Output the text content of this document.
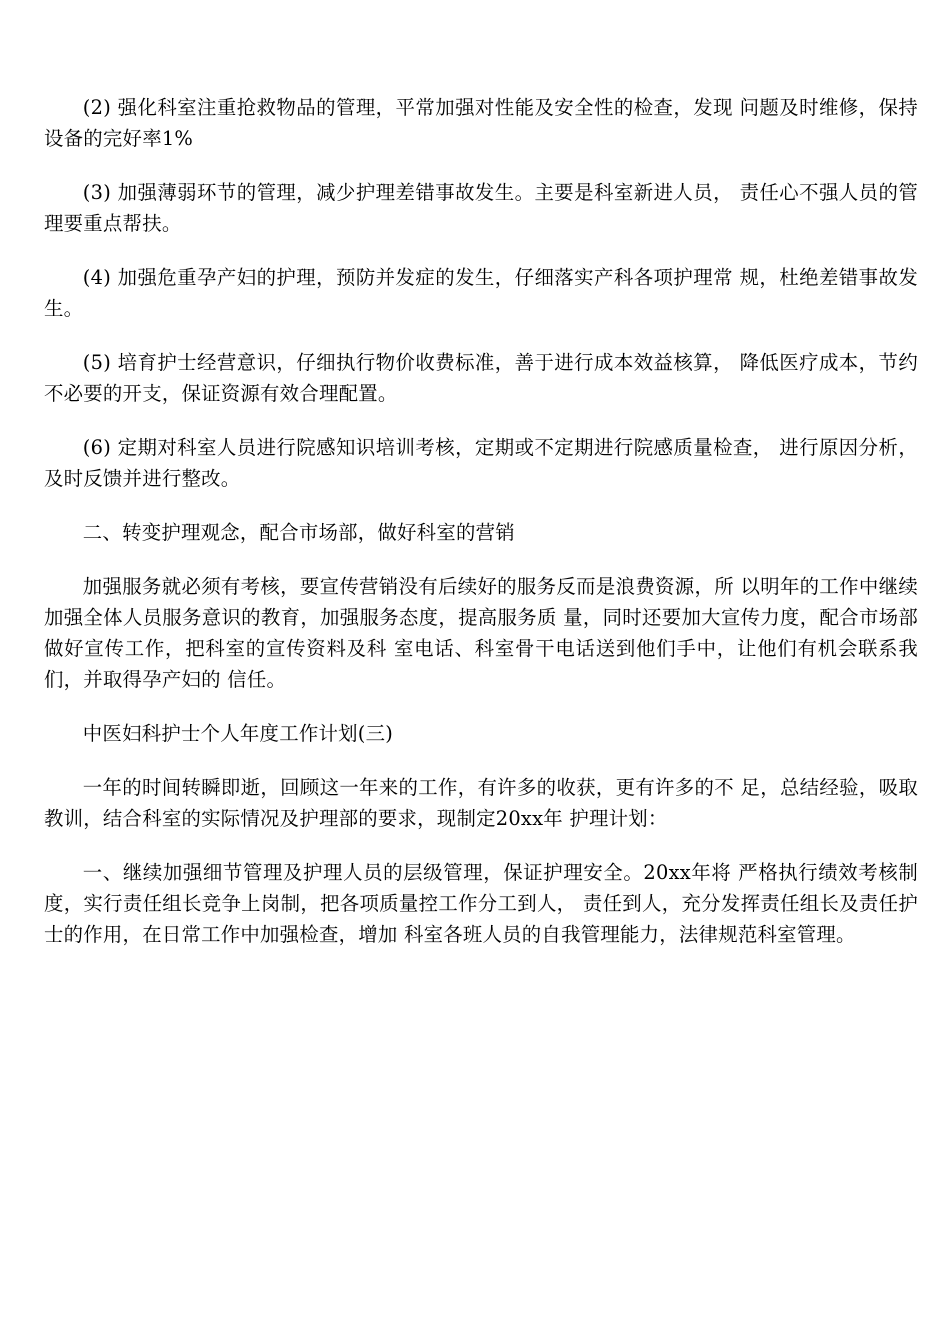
(2) 强化科室注重抢救物品的管理，平常加强对性能及安全性的检查，发现 问题及时维修，保持设备的完好率1%

(3) 加强薄弱环节的管理，减少护理差错事故发生。主要是科室新进人员， 责任心不强人员的管理要重点帮扶。

(4) 加强危重孕产妇的护理，预防并发症的发生，仔细落实产科各项护理常 规，杜绝差错事故发生。

(5) 培育护士经营意识，仔细执行物价收费标准，善于进行成本效益核算， 降低医疗成本，节约不必要的开支，保证资源有效合理配置。

(6) 定期对科室人员进行院感知识培训考核，定期或不定期进行院感质量检查， 进行原因分析，及时反馈并进行整改。

二、转变护理观念，配合市场部，做好科室的营销

加强服务就必须有考核，要宣传营销没有后续好的服务反而是浪费资源，所 以明年的工作中继续加强全体人员服务意识的教育，加强服务态度，提高服务质 量，同时还要加大宣传力度，配合市场部做好宣传工作，把科室的宣传资料及科 室电话、科室骨干电话送到他们手中，让他们有机会联系我们，并取得孕产妇的 信任。

中医妇科护士个人年度工作计划(三)

一年的时间转瞬即逝，回顾这一年来的工作，有许多的收获，更有许多的不 足，总结经验，吸取教训，结合科室的实际情况及护理部的要求，现制定20xx年 护理计划：

一、继续加强细节管理及护理人员的层级管理，保证护理安全。20xx年将 严格执行绩效考核制度，实行责任组长竞争上岗制，把各项质量控工作分工到人， 责任到人，充分发挥责任组长及责任护士的作用，在日常工作中加强检查，增加 科室各班人员的自我管理能力，法律规范科室管理。
